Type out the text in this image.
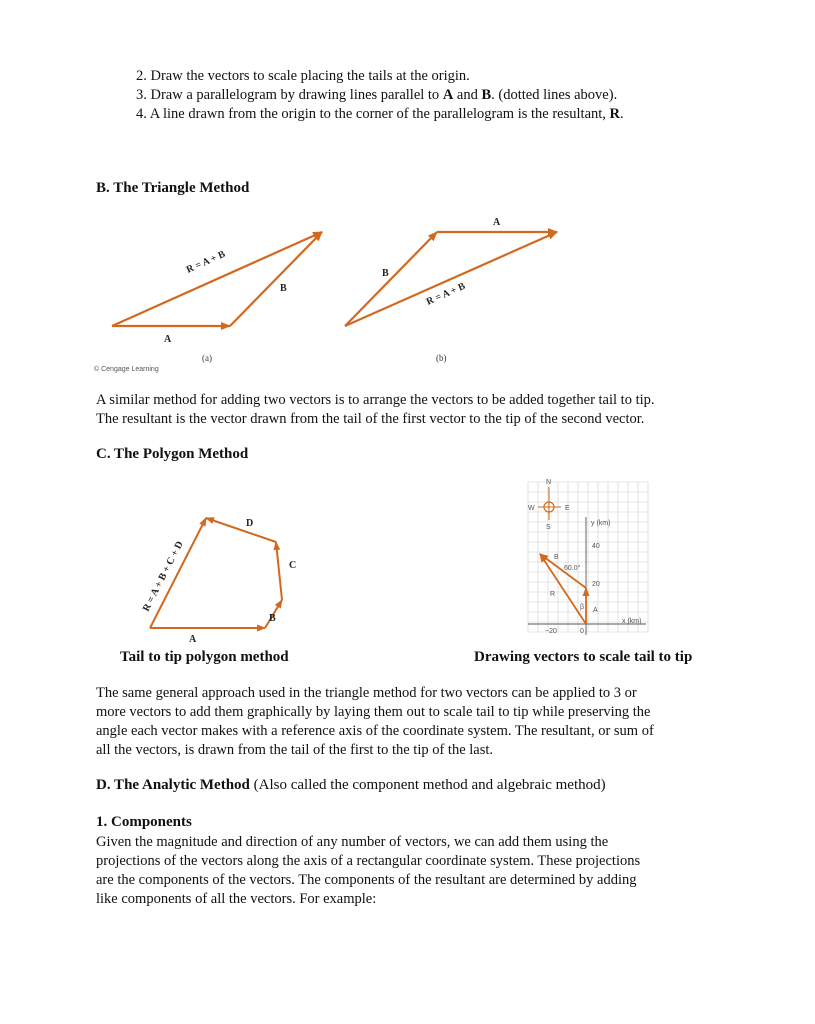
2. Draw the vectors to scale placing the tails at the origin.
3. Draw a parallelogram by drawing lines parallel to A and B. (dotted lines above).
4. A line drawn from the origin to the corner of the parallelogram is the resultant, R.
B. The Triangle Method
R = A + B
A
B
(a)
© Cengage Learning
A
B
R = A + B
(b)
A similar method for adding two vectors is to arrange the vectors to be added together tail to tip.
The resultant is the vector drawn from the tail of the first vector to the tip of the second vector.
C. The Polygon Method
A
B
C
D
R = A + B + C + D
y (km)
x (km)
40
20
−20	0
N
S
E
W
B
R
A
β
60.0°
Tail to tip polygon method	Drawing vectors to scale tail to tip
The same general approach used in the triangle method for two vectors can be applied to 3 or
more vectors to add them graphically by laying them out to scale tail to tip while preserving the
angle each vector makes with a reference axis of the coordinate system. The resultant, or sum of
all the vectors, is drawn from the tail of the first to the tip of the last.
D. The Analytic Method (Also called the component method and algebraic method)
1. Components
Given the magnitude and direction of any number of vectors, we can add them using the
projections of the vectors along the axis of a rectangular coordinate system. These projections
are the components of the vectors. The components of the resultant are determined by adding
like components of all the vectors. For example:
